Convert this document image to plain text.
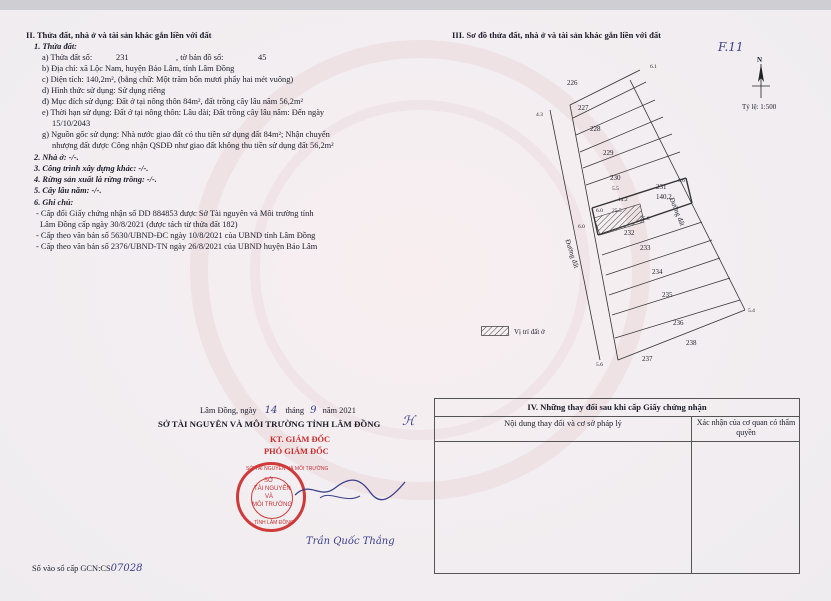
II. Thửa đất, nhà ở và tài sản khác gắn liền với đất
1. Thửa đất:
a) Thửa đất số:	231	, tờ bản đồ số:	45
b) Địa chỉ: xã Lộc Nam, huyện Bảo Lâm, tỉnh Lâm Đồng
c) Diện tích: 140,2m², (bằng chữ: Một trăm bốn mươi phẩy hai mét vuông)
d) Hình thức sử dụng: Sử dụng riêng
đ) Mục đích sử dụng: Đất ở tại nông thôn 84m², đất trồng cây lâu năm 56,2m²
e) Thời hạn sử dụng: Đất ở tại nông thôn: Lâu dài; Đất trồng cây lâu năm: Đến ngày
15/10/2043
g) Nguồn gốc sử dụng: Nhà nước giao đất có thu tiền sử dụng đất 84m²; Nhận chuyển
nhượng đất được Công nhận QSDĐ như giao đất không thu tiền sử dụng đất 56,2m²
2. Nhà ở: -/-.
3. Công trình xây dựng khác: -/-.
4. Rừng sản xuất là rừng trồng: -/-.
5. Cây lâu năm: -/-.
6. Ghi chú:
- Cấp đổi Giấy chứng nhận số DD 884853 được Sở Tài nguyên và Môi trường tỉnh
Lâm Đồng cấp ngày 30/8/2021 (được tách từ thửa đất 182)
- Cấp theo văn bản số 5630/UBND-ĐC ngày 10/8/2021 của UBND tỉnh Lâm Đồng
- Cấp theo văn bản số 2376/UBND-TN ngày 26/8/2021 của UBND huyện Bảo Lâm
Lâm Đồng, ngày 14 tháng 9 năm 2021
SỞ TÀI NGUYÊN VÀ MÔI TRƯỜNG TỈNH LÂM ĐỒNG ℋ
KT. GIÁM ĐỐC
PHÓ GIÁM ĐỐC
SỞ TÀI NGUYÊN VÀ MÔI TRƯỜNG
SỞ
TÀI NGUYÊN
VÀ
MÔI TRƯỜNG
TỈNH LÂM ĐỒNG
Trần Quốc Thắng
Số vào sổ cấp GCN:CS07028
III. Sơ đồ thửa đất, nhà ở và tài sản khác gắn liền với đất
F.11
Tỷ lệ: 1:500
N
226
227
228
229
230
231
232
233
234
235
236
238
237
140,2
6.1
5.4
4.3
6.6
5.6
5.5
14.2
25.5
6.0
25.8
6.0	Đường đất
Đường đất
Vị trí đất ở
IV. Những thay đổi sau khi cấp Giấy chứng nhận
Nội dung thay đổi và cơ sở pháp lý	Xác nhận của cơ quan có thẩm quyền
